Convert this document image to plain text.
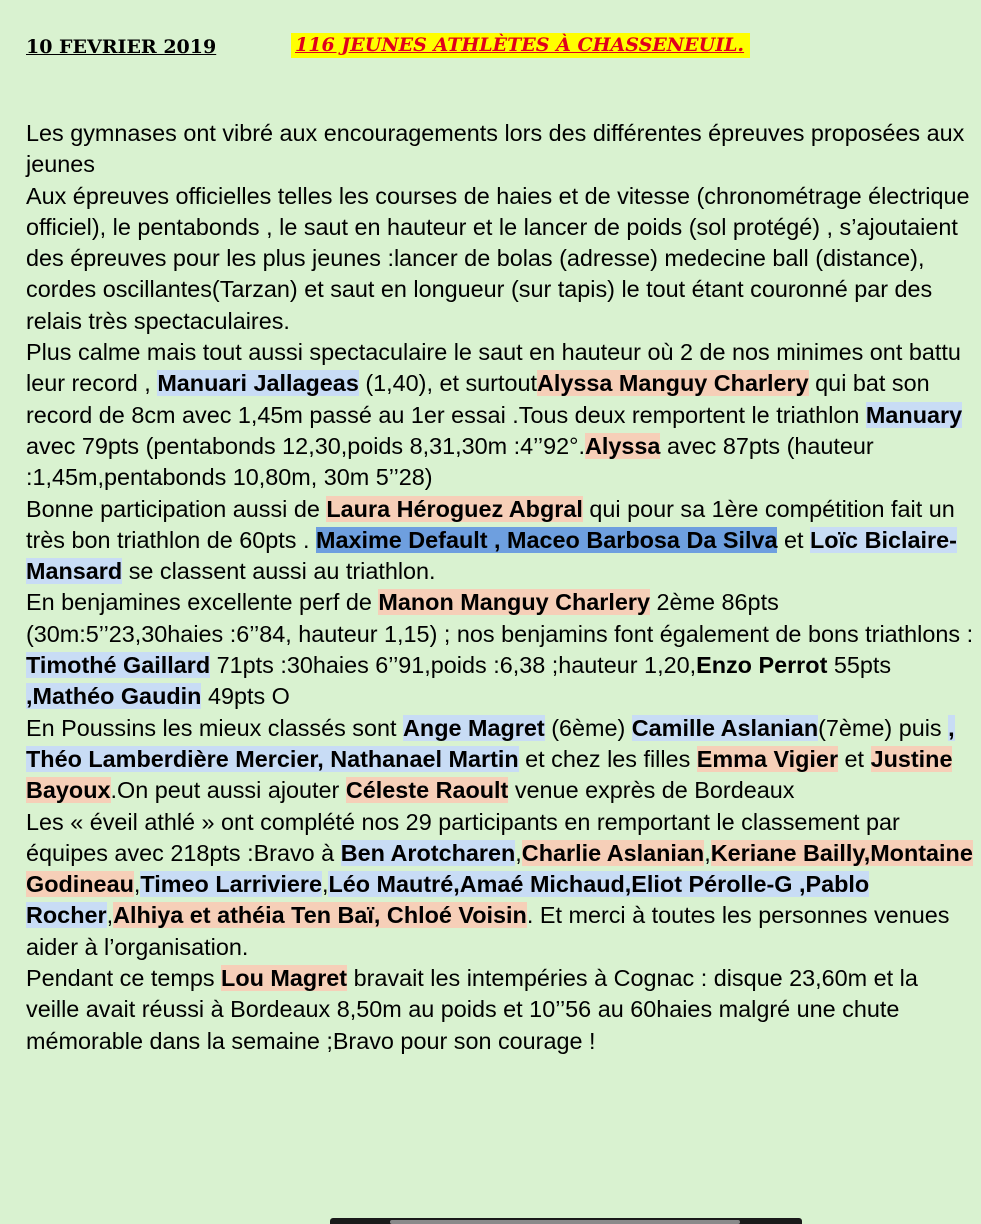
10 FEVRIER 2019	116 JEUNES ATHLÈTES À CHASSENEUIL.
Les gymnases ont vibré aux encouragements lors des différentes épreuves proposées aux jeunes
Aux épreuves officielles telles les courses de haies et de vitesse (chronométrage électrique officiel), le pentabonds , le saut en hauteur et le lancer de poids (sol protégé) , s’ajoutaient des épreuves pour les plus jeunes :lancer de bolas (adresse) medecine ball (distance), cordes oscillantes(Tarzan) et saut en longueur (sur tapis) le tout étant couronné par des relais très spectaculaires.
Plus calme mais tout aussi spectaculaire le saut en hauteur où 2 de nos minimes ont battu leur record , Manuari Jallageas (1,40), et surtoutAlyssa Manguy Charlery qui bat son record de 8cm avec 1,45m passé au 1er essai .Tous deux remportent le triathlon Manuary avec 79pts (pentabonds 12,30,poids 8,31,30m :4’’92°.Alyssa avec 87pts (hauteur :1,45m,pentabonds 10,80m, 30m 5’’28)
Bonne participation aussi de Laura Héroguez Abgral qui pour sa 1ère compétition fait un très bon triathlon de 60pts . Maxime Default , Maceo Barbosa Da Silva et Loïc Biclaire-Mansard se classent aussi au triathlon.
En benjamines excellente perf de Manon Manguy Charlery 2ème 86pts (30m:5’’23,30haies :6’’84, hauteur 1,15) ; nos benjamins font également de bons triathlons : Timothé Gaillard 71pts :30haies 6’’91,poids :6,38 ;hauteur 1,20,Enzo Perrot 55pts ,Mathéo Gaudin 49pts O
En Poussins les mieux classés sont Ange Magret (6ème) Camille Aslanian(7ème) puis , Théo Lamberdière Mercier, Nathanael Martin et chez les filles Emma Vigier et Justine Bayoux.On peut aussi ajouter Céleste Raoult venue exprès de Bordeaux
Les « éveil athlé » ont complété nos 29 participants en remportant le classement par équipes avec 218pts :Bravo à Ben Arotcharen,Charlie Aslanian,Keriane Bailly,Montaine Godineau,Timeo Larriviere,Léo Mautré,Amaé Michaud,Eliot Pérolle-G ,Pablo Rocher,Alhiya et athéia Ten Baï, Chloé Voisin. Et merci à toutes les personnes venues aider à l’organisation.
Pendant ce temps Lou Magret bravait les intempéries à Cognac : disque 23,60m et la veille avait réussi à Bordeaux 8,50m au poids et 10’’56 au 60haies malgré une chute mémorable dans la semaine ;Bravo pour son courage !
